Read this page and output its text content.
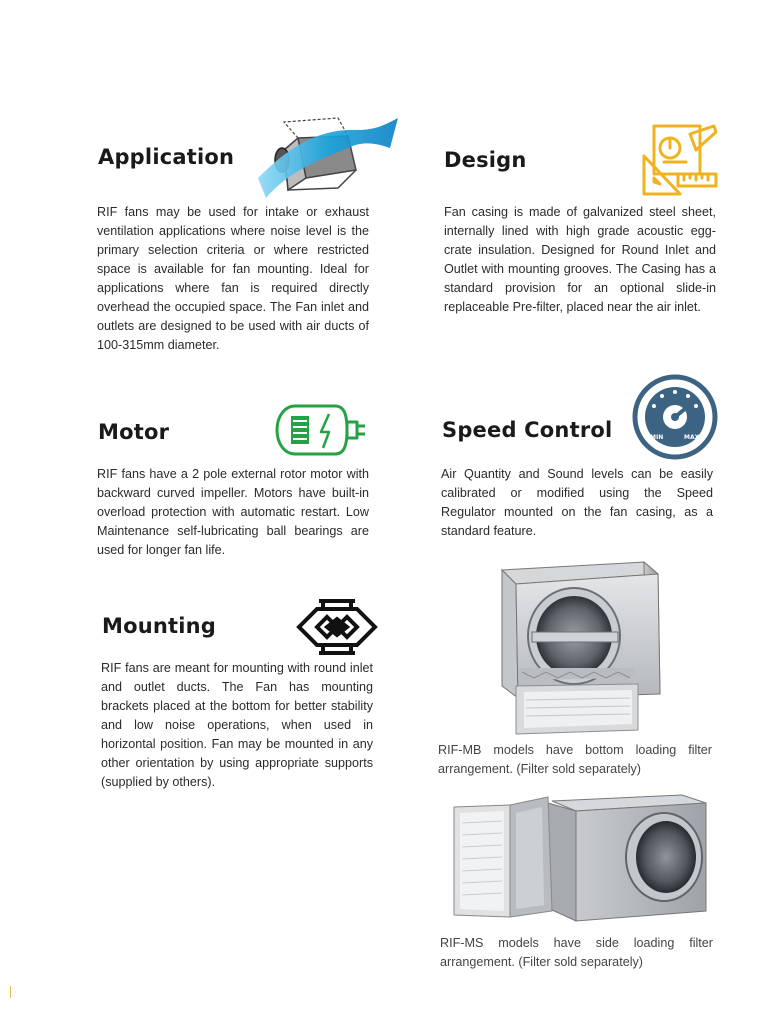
Application

RIF fans may be used for intake or exhaust ventilation applications where noise level is the primary selection criteria or where restricted space is available for fan mounting. Ideal for applications where fan is required directly overhead the occupied space. The Fan inlet and outlets are designed to be used with air ducts of 100-315mm diameter.

Design

Fan casing is made of galvanized steel sheet, internally lined with high grade acoustic egg-crate insulation. Designed for Round Inlet and Outlet with mounting grooves. The Casing has a standard provision for an optional slide-in replaceable Pre-filter, placed near the air inlet.

Motor

RIF fans have a 2 pole external rotor motor with backward curved impeller. Motors have built-in overload protection with automatic restart. Low Maintenance self-lubricating ball bearings are used for longer fan life.

Speed Control	MIN	MAX

Air Quantity and Sound levels can be easily calibrated or modified using the Speed Regulator mounted on the fan casing, as a standard feature.

Mounting

RIF fans are meant for mounting with round inlet and outlet ducts. The Fan has mounting brackets placed at the bottom for better stability and low noise operations, when used in horizontal position. Fan may be mounted in any other orientation by using appropriate supports (supplied by others).

RIF-MB models have bottom loading filter arrangement. (Filter sold separately)

RIF-MS models have side loading filter arrangement. (Filter sold separately)
